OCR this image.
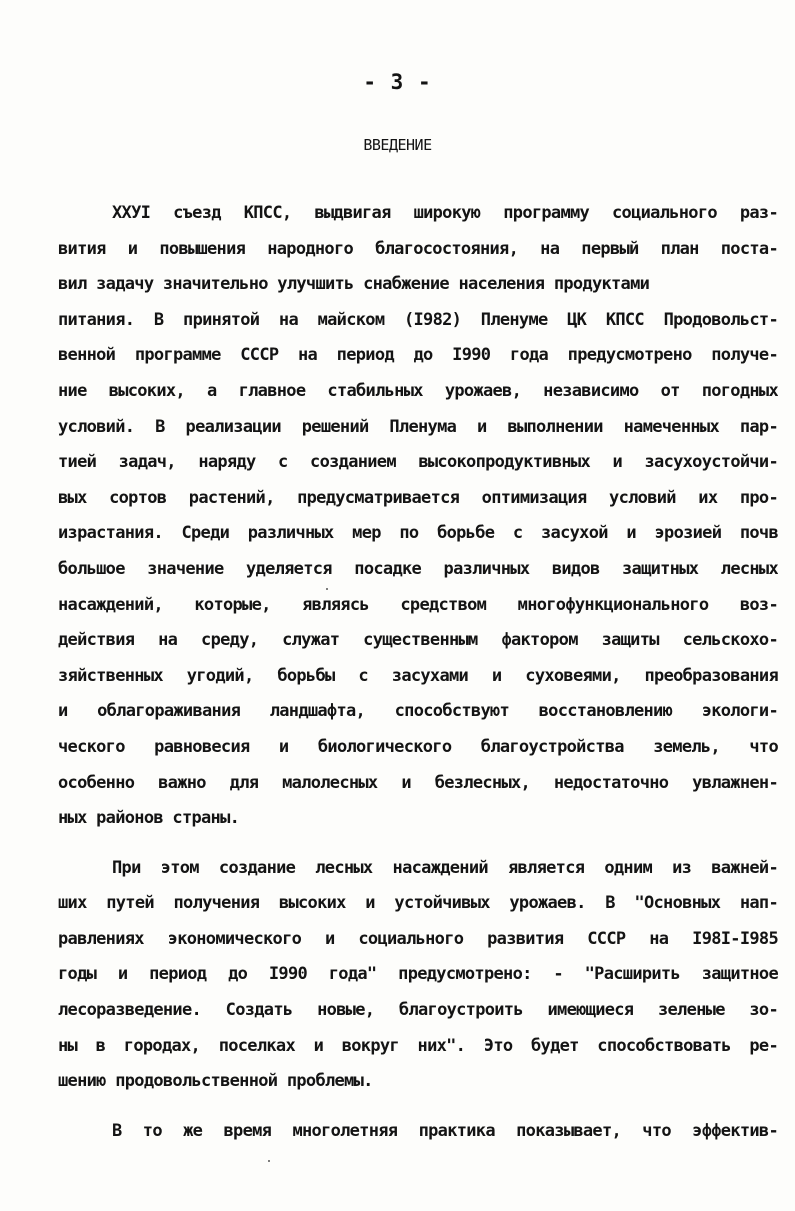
- 3 -
ВВЕДЕНИЕ
ХХУI съезд КПСС, выдвигая широкую программу социального раз-
вития и повышения народного благосостояния, на первый план поста-
вил задачу значительно улучшить снабжение населения продуктами
питания. В принятой на майском (I982) Пленуме ЦК КПСС Продовольст-
венной программе СССР на период до I990 года предусмотрено получе-
ние высоких, а главное стабильных урожаев, независимо от погодных
условий. В реализации решений Пленума и выполнении намеченных пар-
тией задач, наряду с созданием высокопродуктивных и засухоустойчи-
вых сортов растений, предусматривается оптимизация условий их про-
израстания. Среди различных мер по борьбе с засухой и эрозией почв
большое значение уделяется посадке различных видов защитных лесных
насаждений, которые, являясь средством многофункционального воз-
действия на среду, служат существенным фактором защиты сельскохо-
зяйственных угодий, борьбы с засухами и суховеями, преобразования
и облагораживания ландшафта, способствуют восстановлению экологи-
ческого равновесия и биологического благоустройства земель, что
особенно важно для малолесных и безлесных, недостаточно увлажнен-
ных районов страны.
При этом создание лесных насаждений является одним из важней-
ших путей получения высоких и устойчивых урожаев. В "Основных нап-
равлениях экономического и социального развития СССР на I98I-I985
годы и период до I990 года" предусмотрено: - "Расширить защитное
лесоразведение. Создать новые, благоустроить имеющиеся зеленые зо-
ны в городах, поселках и вокруг них". Это будет способствовать ре-
шению продовольственной проблемы.
В то же время многолетняя практика показывает, что эффектив-
